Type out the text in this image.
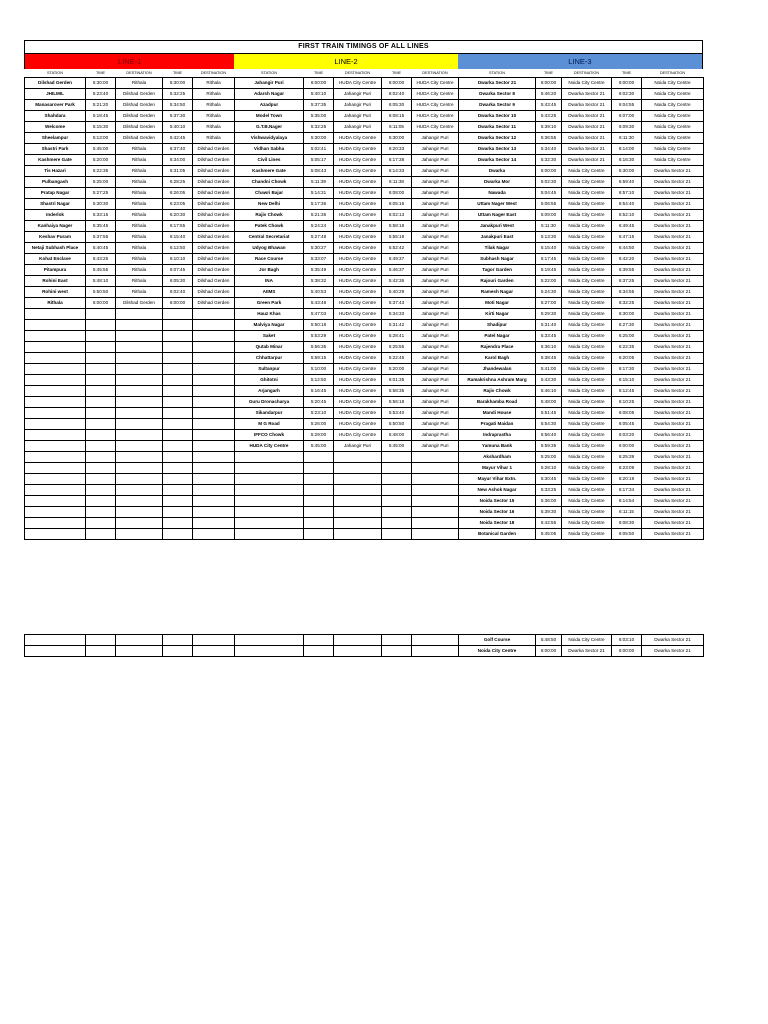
FIRST TRAIN TIMINGS OF ALL LINES
LINE-1	LINE-2	LINE-3
STATION	TIME	DESTINATION	TIME	DESTINATION	STATION	TIME	DESTINATION	TIME	DESTINATION	STATION	TIME	DESTINATION	TIME	DESTINATION
Dilshad Gerden	5:30:00	Rithala	5:30:00	Rithala	Jahangir Puri	6:00:00	HUDA City Centre	6:00:00	HUDA City Centre	Dwarka Sector 21	6:00:00	Noida City Centre	6:00:00	Noida City Centre
JHILMIL	5:23:40	Dilshad Gerden	5:32:25	Rithala	Adarsh Nagar	5:40:10	Jahangir Puri	6:02:40	HUDA City Centre	Dwarka Sector 8	5:46:20	Dwarka Sector 21	6:02:30	Noida City Centre
Manasarover Park	5:21:20	Dilshad Gerden	5:34:50	Rithala	Azadpur	5:37:35	Jahangir Puri	6:05:30	HUDA City Centre	Dwarka Sector 9	5:43:45	Dwarka Sector 21	6:04:55	Noida City Centre
Shahdara	5:18:45	Dilshad Gerden	5:37:30	Rithala	Model Town	5:35:00	Jahangir Puri	6:08:15	HUDA City Centre	Dwarka Sector 10	5:43:25	Dwarka Sector 21	6:07:00	Noida City Centre
Welcome	5:15:30	Dilshad Gerden	5:40:10	Rithala	G.T.B.Nager	5:32:25	Jahangir Puri	6:11:05	HUDA City Centre	Dwarka Sector 11	5:39:10	Dwarka Sector 21	6:09:30	Noida City Centre
Sheelampur	5:13:00	Dilshad Gerden	5:42:45	Rithala	Vishwavidyalaya	5:30:00	HUDA City Centre	5:30:00	Jahangir Puri	Dwarka Sector 12	5:36:55	Dwarka Sector 21	6:11:30	Noida City Centre
Shastri Park	5:45:00	Rithala	6:37:40	Dilshad Gerden	Vidhan Sabha	5:02:41	HUDA City Centre	6:20:33	Jahangir Puri	Dwarka Sector 13	5:34:40	Dwarka Sector 21	6:14:00	Noida City Centre
Kashmere Gate	5:20:00	Rithala	6:34:00	Dilshad Gerden	Civil Lines	5:05:17	HUDA City Centre	6:17:38	Jahangir Puri	Dwarka Sector 14	5:32:30	Dwarka Sector 21	6:16:30	Noida City Centre
Tis Hazari	5:22:35	Rithala	6:31:05	Dilshad Gerden	Kashmere Gate	5:08:43	HUDA City Centre	6:14:33	Jahangir Puri	Dwarka	5:00:00	Noida City Centre	5:30:00	Dwarka Sector 21
Pulbangash	5:25:00	Rithala	6:28:25	Dilshad Gerden	Chandni Chowk	5:11:39	HUDA City Centre	6:11:38	Jahangir Puri	Dwarka Mor	5:02:30	Noida City Centre	6:59:40	Dwarka Sector 21
Pratap Nagar	5:27:25	Rithala	6:26:05	Dilshad Gerden	Chawri Bajar	5:14:31	HUDA City Centre	6:08:00	Jahangir Puri	Nawada	5:04:45	Noida City Centre	6:57:10	Dwarka Sector 21
Shastri Nagar	5:30:30	Rithala	6:23:05	Dilshad Gerden	New Delhi	5:17:36	HUDA City Centre	6:05:16	Jahangir Puri	Uttam Nager West	5:06:55	Noida City Centre	6:54:40	Dwarka Sector 21
Inderlok	5:33:15	Rithala	6:20:30	Dilshad Gerden	Rajiv Chowk	5:21:36	HUDA City Centre	6:02:13	Jahangir Puri	Uttam Nager East	5:09:00	Noida City Centre	6:52:10	Dwarka Sector 21
Kanhaiya Nager	5:35:45	Rithala	6:17:55	Dilshad Gerden	Patek Chowk	5:24:24	HUDA City Centre	5:58:18	Jahangir Puri	Janakpuri West	5:11:30	Noida City Centre	6:49:45	Dwarka Sector 21
Keshav Puram	5:37:55	Rithala	6:15:40	Dilshad Gerden	Central Secretariat	5:27:48	HUDA City Centre	5:55:19	Jahangir Puri	Janakpuri East	5:13:30	Noida City Centre	6:47:15	Dwarka Sector 21
Netaji Subhash Place	5:40:45	Rithala	6:12:50	Dilshad Gerden	Udyog Bhawan	5:30:27	HUDA City Centre	5:52:42	Jahangir Puri	Tilak Nagar	5:15:40	Noida City Centre	6:44:50	Dwarka Sector 21
Kohat Enclave	5:43:25	Rithala	6:10:10	Dilshad Gerden	Race Course	5:33:07	HUDA City Centre	5:49:37	Jahangir Puri	Subhash Nagar	5:17:45	Noida City Centre	6:42:20	Dwarka Sector 21
Pitampura	5:45:55	Rithala	6:07:45	Dilshad Gerden	Jor Bagh	5:35:49	HUDA City Centre	5:46:37	Jahangir Puri	Tagor Garden	5:19:45	Noida City Centre	6:39:55	Dwarka Sector 21
Rohini East	5:48:10	Rithala	6:05:30	Dilshad Gerden	INA	5:38:32	HUDA City Centre	5:42:36	Jahangir Puri	Rajouri Garden	5:22:00	Noida City Centre	6:37:25	Dwarka Sector 21
Rohini west	5:50:50	Rithala	6:02:40	Dilshad Gerden	AIIMS	5:40:53	HUDA City Centre	5:40:29	Jahangir Puri	Ramesh Nagar	5:24:30	Noida City Centre	6:34:55	Dwarka Sector 21
Rithala	6:00:00	Dilshad Gerden	6:00:00	Dilshad Gerden	Green Park	5:43:48	HUDA City Centre	5:37:43	Jahangir Puri	Moti Nagar	5:27:00	Noida City Centre	6:32:25	Dwarka Sector 21
					Hauz Khas	5:47:03	HUDA City Centre	5:34:33	Jahangir Puri	Kirti Nagar	5:29:30	Noida City Centre	6:30:00	Dwarka Sector 21
					Malviya Nagar	5:50:18	HUDA City Centre	5:31:42	Jahangir Puri	Shadipur	5:31:40	Noida City Centre	6:27:30	Dwarka Sector 21
					Saket	5:53:29	HUDA City Centre	5:28:41	Jahangir Puri	Patel Nagar	5:33:45	Noida City Centre	6:25:00	Dwarka Sector 21
					Qutab Minar	5:56:35	HUDA City Centre	5:25:55	Jahangir Puri	Rajendra Place	5:36:10	Noida City Centre	6:22:35	Dwarka Sector 21
					Chhattarpur	5:59:15	HUDA City Centre	5:22:45	Jahangir Puri	Karol Bagh	5:38:45	Noida City Centre	6:20:05	Dwarka Sector 21
					Sultanpur	5:10:00	HUDA City Centre	5:20:00	Jahangir Puri	Jhandewalan	5:41:00	Noida City Centre	6:17:30	Dwarka Sector 21
					Ghitotni	5:12:50	HUDA City Centre	6:01:35	Jahangir Puri	Ramakrishna Ashram Marg	5:43:30	Noida City Centre	6:15:10	Dwarka Sector 21
					Arjangarh	5:16:45	HUDA City Centre	5:58:35	Jahangir Puri	Rajiv Chowk	5:46:10	Noida City Centre	6:12:45	Dwarka Sector 21
					Guru Dronacharya	5:20:45	HUDA City Centre	5:56:18	Jahangir Puri	Barakhamba Road	5:48:00	Noida City Centre	6:10:25	Dwarka Sector 21
					Sikandarpur	5:23:10	HUDA City Centre	5:53:40	Jahangir Puri	Mandi House	5:51:45	Noida City Centre	6:08:05	Dwarka Sector 21
					M G Road	5:26:00	HUDA City Centre	5:50:50	Jahangir Puri	Pragati Maidan	5:54:30	Noida City Centre	6:05:45	Dwarka Sector 21
					IFFCO Chowk	5:29:00	HUDA City Centre	5:48:00	Jahangir Puri	Indraprastha	5:56:40	Noida City Centre	6:03:20	Dwarka Sector 21
					HUDA City Centre	5:45:00	Jahangir Puri	5:45:00	Jahangir Puri	Yamuna Bank	5:59:35	Noida City Centre	6:00:00	Dwarka Sector 21
										Akshardham	5:25:00	Noida City Centre	6:25:39	Dwarka Sector 21
										Mayur Vihar 1	5:28:10	Noida City Centre	6:23:09	Dwarka Sector 21
										Mayur Vihar Extn.	5:30:45	Noida City Centre	6:20:19	Dwarka Sector 21
										New Ashok Nagar	5:33:25	Noida City Centre	6:17:34	Dwarka Sector 21
										Noida Sector 15	5:36:00	Noida City Centre	6:14:54	Dwarka Sector 21
										Noida Sector 16	5:39:30	Noida City Centre	6:11:15	Dwarka Sector 21
										Noida Sector 18	5:42:55	Noida City Centre	6:08:30	Dwarka Sector 21
										Botanical Garden	5:45:05	Noida City Centre	6:05:50	Dwarka Sector 21
										Golf Course	5:48:50	Noida City Centre	6:03:10	Dwarka Sector 21
										Noida City Centre	6:00:00	Dwarka Sector 21	6:00:00	Dwarka Sector 21
